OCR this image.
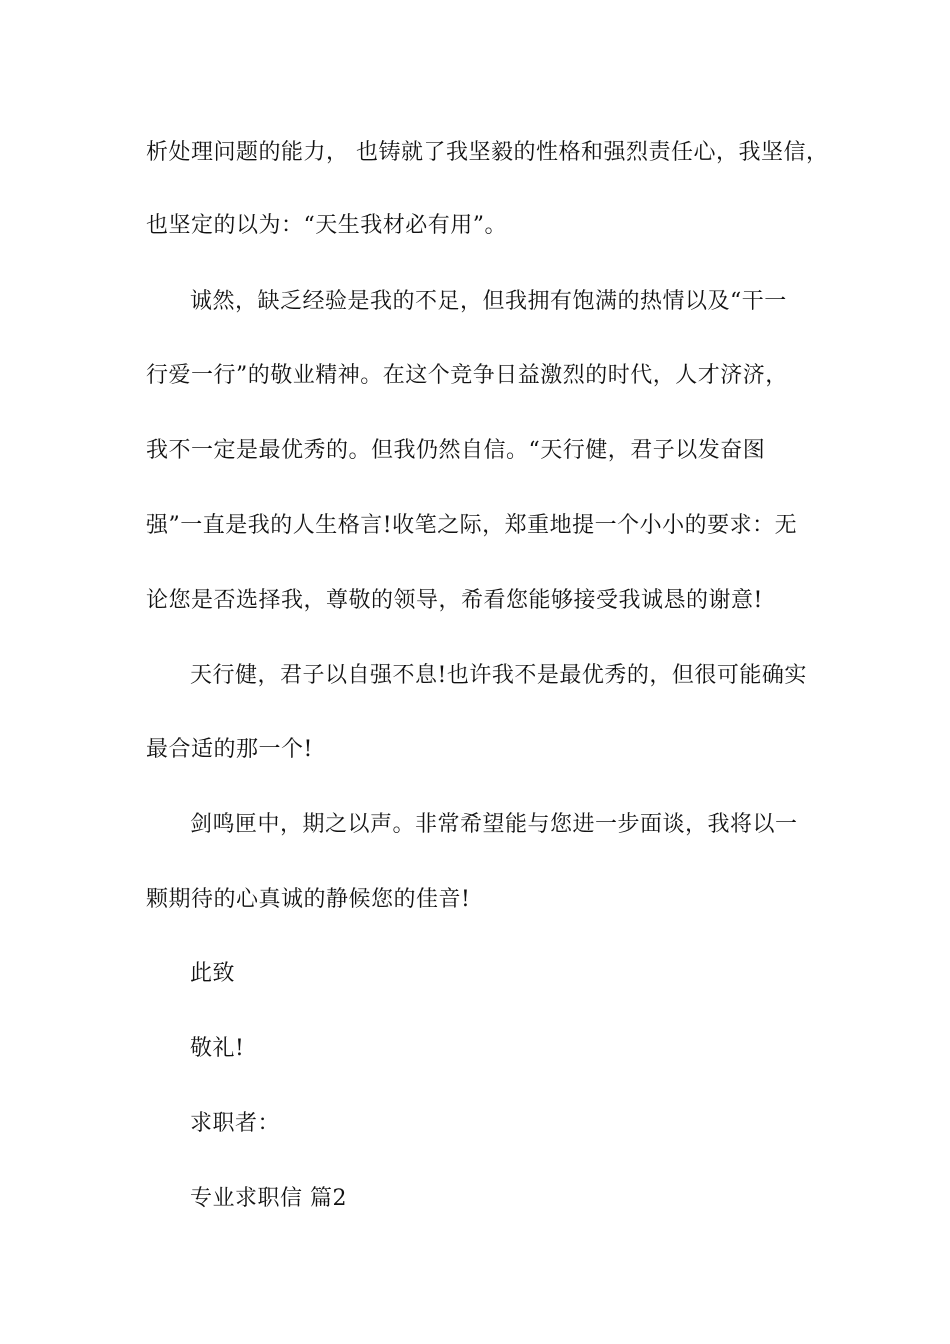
析处理问题的能力， 也铸就了我坚毅的性格和强烈责任心，我坚信，
也坚定的以为：“天生我材必有用”。
诚然，缺乏经验是我的不足，但我拥有饱满的热情以及“干一
行爱一行”的敬业精神。在这个竞争日益激烈的时代，人才济济，
我不一定是最优秀的。但我仍然自信。“天行健，君子以发奋图
强”一直是我的人生格言!收笔之际，郑重地提一个小小的要求：无
论您是否选择我，尊敬的领导，希看您能够接受我诚恳的谢意!
天行健，君子以自强不息!也许我不是最优秀的，但很可能确实
最合适的那一个!
剑鸣匣中，期之以声。非常希望能与您进一步面谈，我将以一
颗期待的心真诚的静候您的佳音!
此致
敬礼!
求职者：
专业求职信 篇2
